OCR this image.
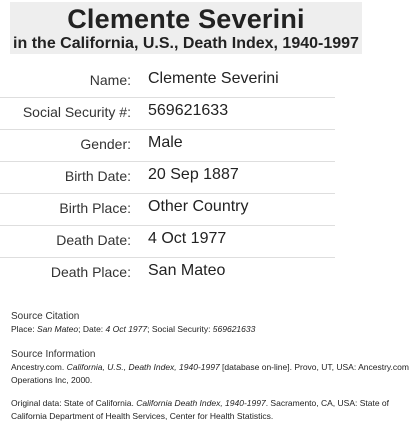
Clemente Severini
in the California, U.S., Death Index, 1940-1997
Name: Clemente Severini
Social Security #: 569621633
Gender: Male
Birth Date: 20 Sep 1887
Birth Place: Other Country
Death Date: 4 Oct 1977
Death Place: San Mateo
Source Citation
Place: San Mateo; Date: 4 Oct 1977; Social Security: 569621633
Source Information
Ancestry.com. California, U.S., Death Index, 1940-1997 [database on-line]. Provo, UT, USA: Ancestry.com
Operations Inc, 2000.
Original data: State of California. California Death Index, 1940-1997. Sacramento, CA, USA: State of
California Department of Health Services, Center for Health Statistics.
